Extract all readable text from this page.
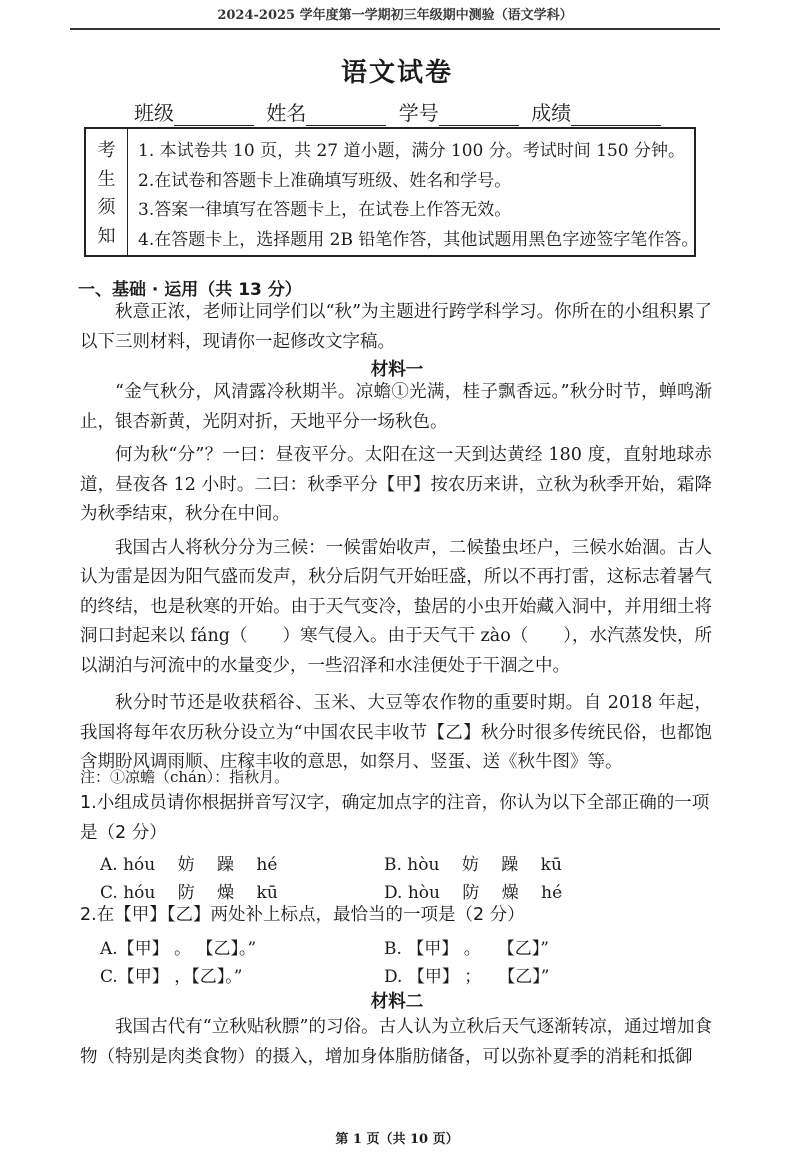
2024-2025 学年度第一学期初三年级期中测验（语文学科）
语文试卷
班级	姓名	学号	成绩
考
生
须
知
1. 本试卷共 10 页，共 27 道小题，满分 100 分。考试时间 150 分钟。
2.在试卷和答题卡上准确填写班级、姓名和学号。
3.答案一律填写在答题卡上，在试卷上作答无效。
4.在答题卡上，选择题用 2B 铅笔作答，其他试题用黑色字迹签字笔作答。
一、基础 · 运用（共 13 分）

秋意正浓，老师让同学们以“秋”为主题进行跨学科学习。你所在的小组积累了以下三则材料，现请你一起修改文字稿。

材料一

“金气秋分，风清露冷秋期半。凉蟾①光满，桂子飘香远。”秋分时节，蝉鸣渐止，银杏新黄，光阴对折，天地平分一场秋色。

何为秋“分”？一曰：昼夜平分。太阳在这一天到达黄经 180 度，直射地球赤道，昼夜各 12 小时。二曰：秋季平分【甲】按农历来讲，立秋为秋季开始，霜降为秋季结束，秋分在中间。

我国古人将秋分分为三候：一候雷始收声，二候蛰虫坯户，三候水始涸。古人认为雷是因为阳气盛而发声，秋分后阴气开始旺盛，所以不再打雷，这标志着暑气的终结，也是秋寒的开始。由于天气变冷，蛰居的小虫开始藏入洞中，并用细土将洞口封起来以 fáng（　　）寒气侵入。由于天气干 zào（　　），水汽蒸发快，所以湖泊与河流中的水量变少，一些沼泽和水洼便处于干涸之中。

秋分时节还是收获稻谷、玉米、大豆等农作物的重要时期。自 2018 年起，我国将每年农历秋分设立为“中国农民丰收节【乙】秋分时很多传统民俗，也都饱含期盼风调雨顺、庄稼丰收的意思，如祭月、竖蛋、送《秋牛图》等。

注：①凉蟾（chán）：指秋月。
1.小组成员请你根据拼音写汉字，确定加点字的注音，你认为以下全部正确的一项是（2 分）
A. hóu　 妨　 躁　 hé	B. hòu　 妨　 躁　 kū
C. hóu　 防　 燥　 kū	D. hòu　 防　 燥　 hé
2.在【甲】【乙】两处补上标点，最恰当的一项是（2 分）
A.【甲】 。 【乙】。”	B. 【甲】 。　　【乙】”
C.【甲】 ，【乙】。”	D. 【甲】 ；　　【乙】”
材料二

我国古代有“立秋贴秋膘”的习俗。古人认为立秋后天气逐渐转凉，通过增加食物（特别是肉类食物）的摄入，增加身体脂肪储备，可以弥补夏季的消耗和抵御

第 1 页（共 10 页）
